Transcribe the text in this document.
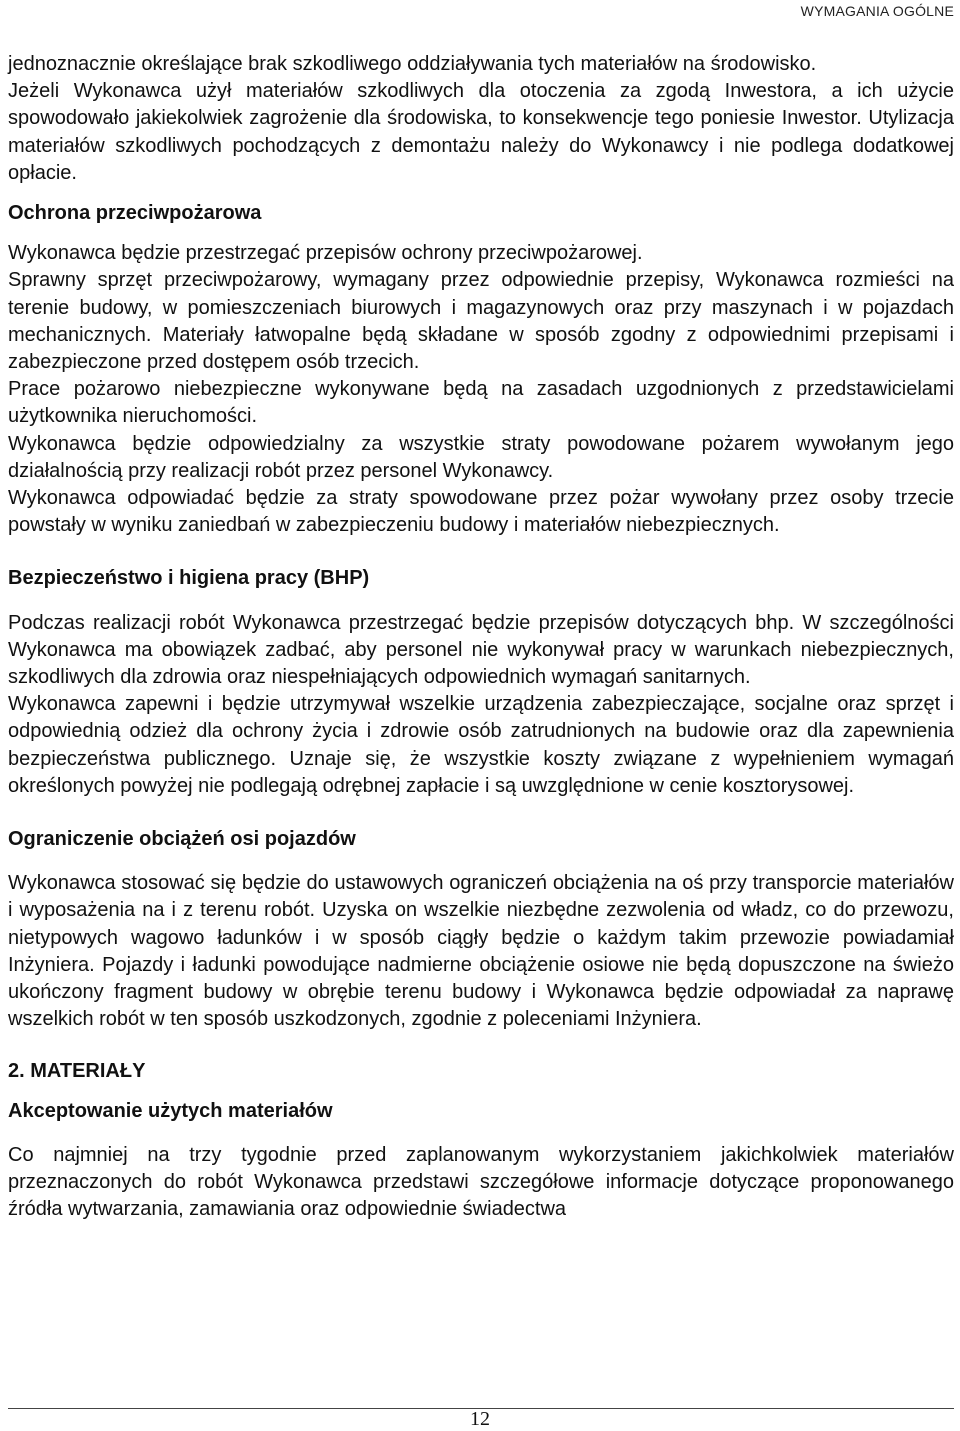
WYMAGANIA OGÓLNE

jednoznacznie określające brak szkodliwego oddziaływania tych materiałów na środowisko.

Jeżeli Wykonawca użył materiałów szkodliwych dla otoczenia za zgodą Inwestora, a ich użycie spowodowało jakiekolwiek zagrożenie dla środowiska, to konsekwencje tego poniesie Inwestor. Utylizacja materiałów szkodliwych pochodzących z demontażu należy do Wykonawcy i nie podlega dodatkowej opłacie.

Ochrona przeciwpożarowa

Wykonawca będzie przestrzegać przepisów ochrony przeciwpożarowej.

Sprawny sprzęt przeciwpożarowy, wymagany przez odpowiednie przepisy, Wykonawca rozmieści na terenie budowy, w pomieszczeniach biurowych i magazynowych oraz przy maszynach i w pojazdach mechanicznych. Materiały łatwopalne będą składane w sposób zgodny z odpowiednimi przepisami i zabezpieczone przed dostępem osób trzecich.

Prace pożarowo niebezpieczne wykonywane będą na zasadach uzgodnionych z przedstawicielami użytkownika nieruchomości.

Wykonawca będzie odpowiedzialny za wszystkie straty powodowane pożarem wywołanym jego działalnością przy realizacji robót przez personel Wykonawcy.

Wykonawca odpowiadać będzie za straty spowodowane przez pożar wywołany przez osoby trzecie powstały w wyniku zaniedbań w zabezpieczeniu budowy i materiałów niebezpiecznych.

Bezpieczeństwo i higiena pracy (BHP)

Podczas realizacji robót Wykonawca przestrzegać będzie przepisów dotyczących bhp. W szczególności Wykonawca ma obowiązek zadbać, aby personel nie wykonywał pracy w warunkach niebezpiecznych, szkodliwych dla zdrowia oraz niespełniających odpowiednich wymagań sanitarnych.

Wykonawca zapewni i będzie utrzymywał wszelkie urządzenia zabezpieczające, socjalne oraz sprzęt i odpowiednią odzież dla ochrony życia i zdrowie osób zatrudnionych na budowie oraz dla zapewnienia bezpieczeństwa publicznego. Uznaje się, że wszystkie koszty związane z wypełnieniem wymagań określonych powyżej nie podlegają odrębnej zapłacie i są uwzględnione w cenie kosztorysowej.

Ograniczenie obciążeń osi pojazdów

Wykonawca stosować się będzie do ustawowych ograniczeń obciążenia na oś przy transporcie materiałów i wyposażenia na i z terenu robót. Uzyska on wszelkie niezbędne zezwolenia od władz, co do przewozu, nietypowych wagowo ładunków i w sposób ciągły będzie o każdym takim przewozie powiadamiał Inżyniera. Pojazdy i ładunki powodujące nadmierne obciążenie osiowe nie będą dopuszczone na świeżo ukończony fragment budowy w obrębie terenu budowy i Wykonawca będzie odpowiadał za naprawę wszelkich robót w ten sposób uszkodzonych, zgodnie z poleceniami Inżyniera.

2. MATERIAŁY
Akceptowanie użytych materiałów

Co najmniej na trzy tygodnie przed zaplanowanym wykorzystaniem jakichkolwiek materiałów przeznaczonych do robót Wykonawca przedstawi szczegółowe informacje dotyczące proponowanego źródła wytwarzania, zamawiania oraz odpowiednie świadectwa

12
